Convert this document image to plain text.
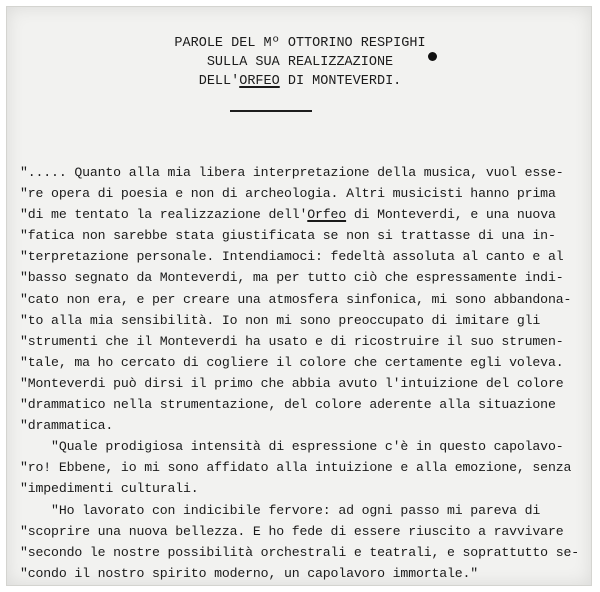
PAROLE DEL Mº OTTORINO RESPIGHI
SULLA SUA REALIZZAZIONE
DELL'ORFEO DI MONTEVERDI.
"..... Quanto alla mia libera interpretazione della musica, vuol esse-
"re opera di poesia e non di archeologia. Altri musicisti hanno prima
"di me tentato la realizzazione dell'Orfeo di Monteverdi, e una nuova
"fatica non sarebbe stata giustificata se non si trattasse di una in-
"terpretazione personale. Intendiamoci: fedeltà assoluta al canto e al
"basso segnato da Monteverdi, ma per tutto ciò che espressamente indi-
"cato non era, e per creare una atmosfera sinfonica, mi sono abbandona-
"to alla mia sensibilità. Io non mi sono preoccupato di imitare gli
"strumenti che il Monteverdi ha usato e di ricostruire il suo strumen-
"tale, ma ho cercato di cogliere il colore che certamente egli voleva.
"Monteverdi può dirsi il primo che abbia avuto l'intuizione del colore
"drammatico nella strumentazione, del colore aderente alla situazione
"drammatica.
"Quale prodigiosa intensità di espressione c'è in questo capolavo-
"ro! Ebbene, io mi sono affidato alla intuizione e alla emozione, senza
"impedimenti culturali.
"Ho lavorato con indicibile fervore: ad ogni passo mi pareva di
"scoprire una nuova bellezza. E ho fede di essere riuscito a ravvivare
"secondo le nostre possibilità orchestrali e teatrali, e soprattutto se-
"condo il nostro spirito moderno, un capolavoro immortale."
